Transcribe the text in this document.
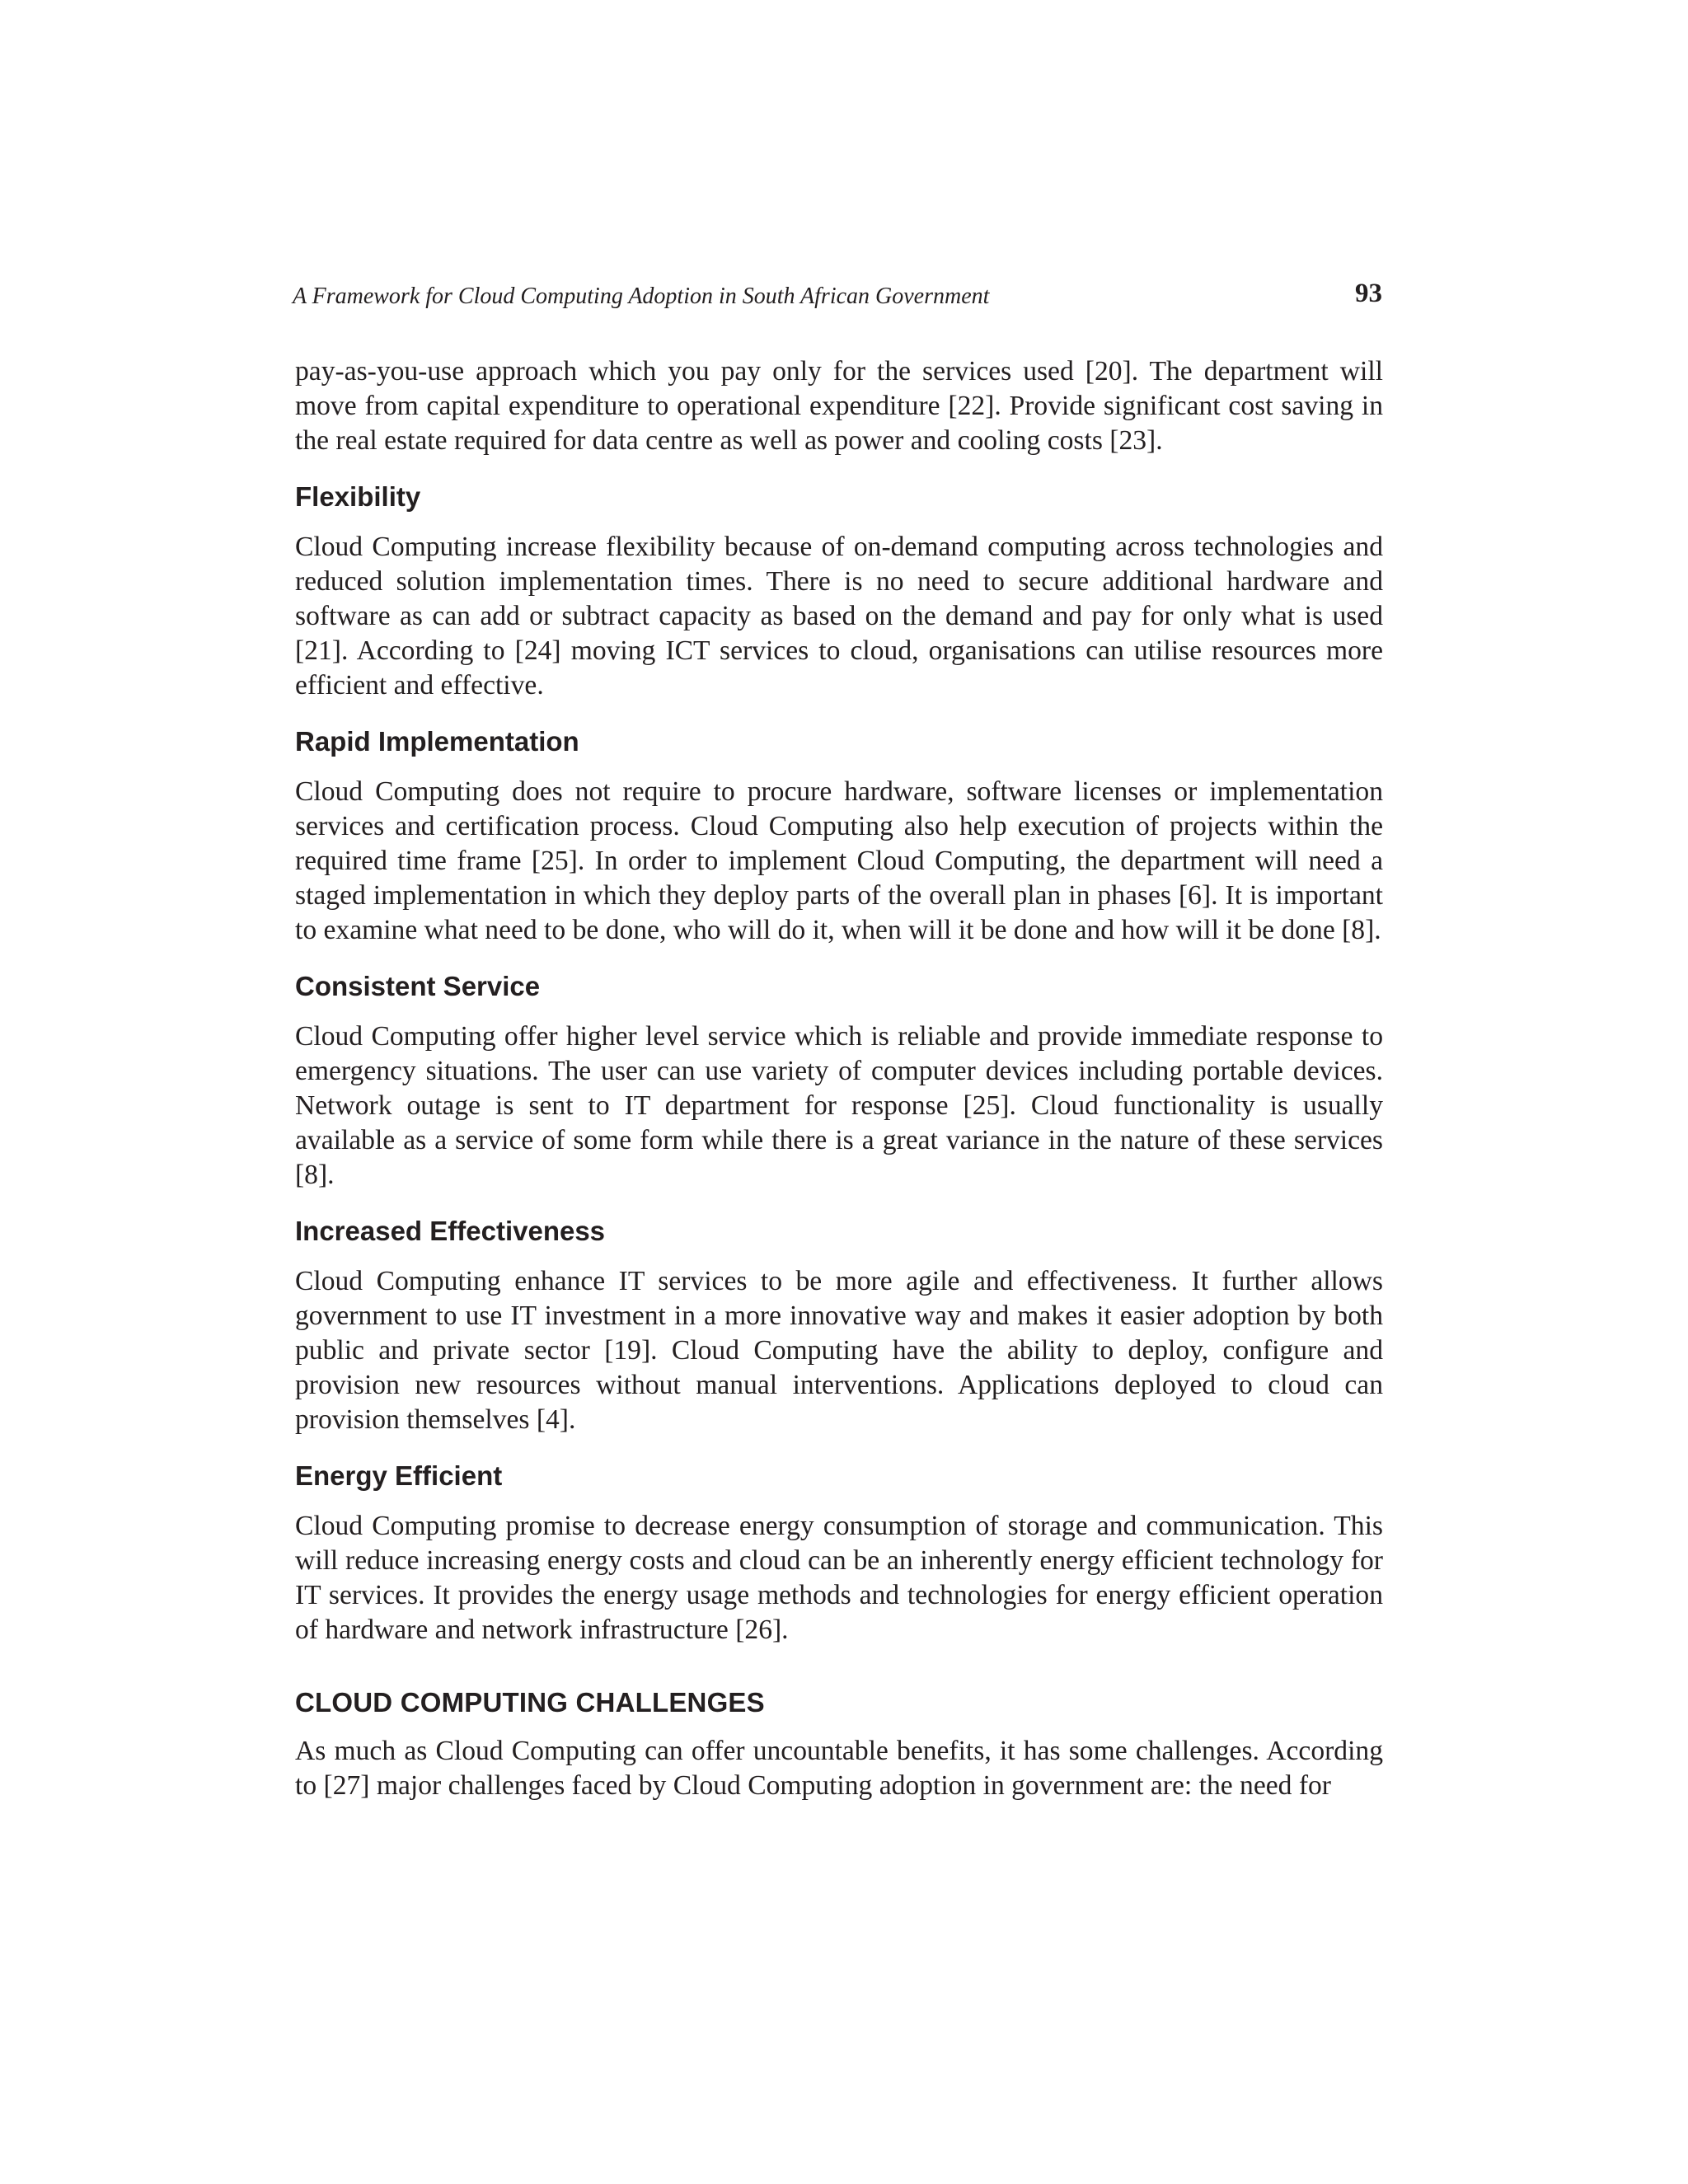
A Framework for Cloud Computing Adoption in South African Government	93

pay-as-you-use approach which you pay only for the services used [20]. The department will move from capital expenditure to operational expenditure [22]. Provide significant cost saving in the real estate required for data centre as well as power and cooling costs [23].

Flexibility

Cloud Computing increase flexibility because of on-demand computing across technologies and reduced solution implementation times. There is no need to secure additional hardware and software as can add or subtract capacity as based on the demand and pay for only what is used [21]. According to [24] moving ICT services to cloud, organisations can utilise resources more efficient and effective.

Rapid Implementation

Cloud Computing does not require to procure hardware, software licenses or implementation services and certification process. Cloud Computing also help execution of projects within the required time frame [25]. In order to implement Cloud Computing, the department will need a staged implementation in which they deploy parts of the overall plan in phases [6]. It is important to examine what need to be done, who will do it, when will it be done and how will it be done [8].

Consistent Service

Cloud Computing offer higher level service which is reliable and provide immediate response to emergency situations. The user can use variety of computer devices including portable devices. Network outage is sent to IT department for response [25]. Cloud functionality is usually available as a service of some form while there is a great variance in the nature of these services [8].

Increased Effectiveness

Cloud Computing enhance IT services to be more agile and effectiveness. It further allows government to use IT investment in a more innovative way and makes it easier adoption by both public and private sector [19]. Cloud Computing have the ability to deploy, configure and provision new resources without manual interventions. Applications deployed to cloud can provision themselves [4].

Energy Efficient

Cloud Computing promise to decrease energy consumption of storage and communication. This will reduce increasing energy costs and cloud can be an inherently energy efficient technology for IT services. It provides the energy usage methods and technologies for energy efficient operation of hardware and network infrastructure [26].

CLOUD COMPUTING CHALLENGES

As much as Cloud Computing can offer uncountable benefits, it has some challenges. According to [27] major challenges faced by Cloud Computing adoption in government are: the need for
